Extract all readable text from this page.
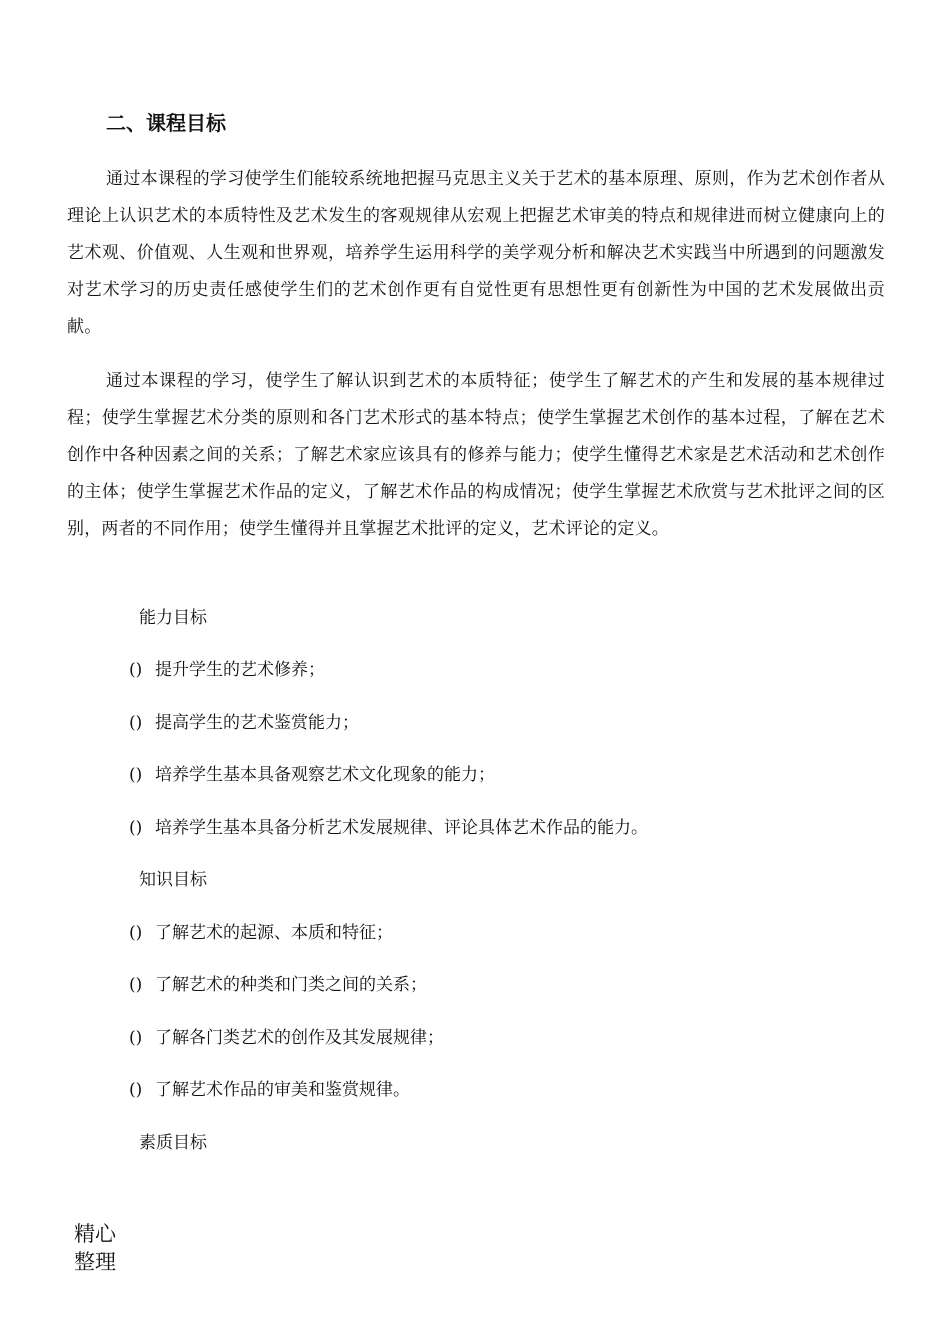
二、课程目标

通过本课程的学习使学生们能较系统地把握马克思主义关于艺术的基本原理、原则，作为艺术创作者从理论上认识艺术的本质特性及艺术发生的客观规律从宏观上把握艺术审美的特点和规律进而树立健康向上的艺术观、价值观、人生观和世界观，培养学生运用科学的美学观分析和解决艺术实践当中所遇到的问题激发对艺术学习的历史责任感使学生们的艺术创作更有自觉性更有思想性更有创新性为中国的艺术发展做出贡献。

通过本课程的学习，使学生了解认识到艺术的本质特征；使学生了解艺术的产生和发展的基本规律过程；使学生掌握艺术分类的原则和各门艺术形式的基本特点；使学生掌握艺术创作的基本过程，了解在艺术创作中各种因素之间的关系；了解艺术家应该具有的修养与能力；使学生懂得艺术家是艺术活动和艺术创作的主体；使学生掌握艺术作品的定义，了解艺术作品的构成情况；使学生掌握艺术欣赏与艺术批评之间的区别，两者的不同作用；使学生懂得并且掌握艺术批评的定义，艺术评论的定义。

能力目标

() 提升学生的艺术修养；

() 提高学生的艺术鉴赏能力；

() 培养学生基本具备观察艺术文化现象的能力；

() 培养学生基本具备分析艺术发展规律、评论具体艺术作品的能力。

知识目标

() 了解艺术的起源、本质和特征；

() 了解艺术的种类和门类之间的关系；

() 了解各门类艺术的创作及其发展规律；

() 了解艺术作品的审美和鉴赏规律。

素质目标

精心整理
